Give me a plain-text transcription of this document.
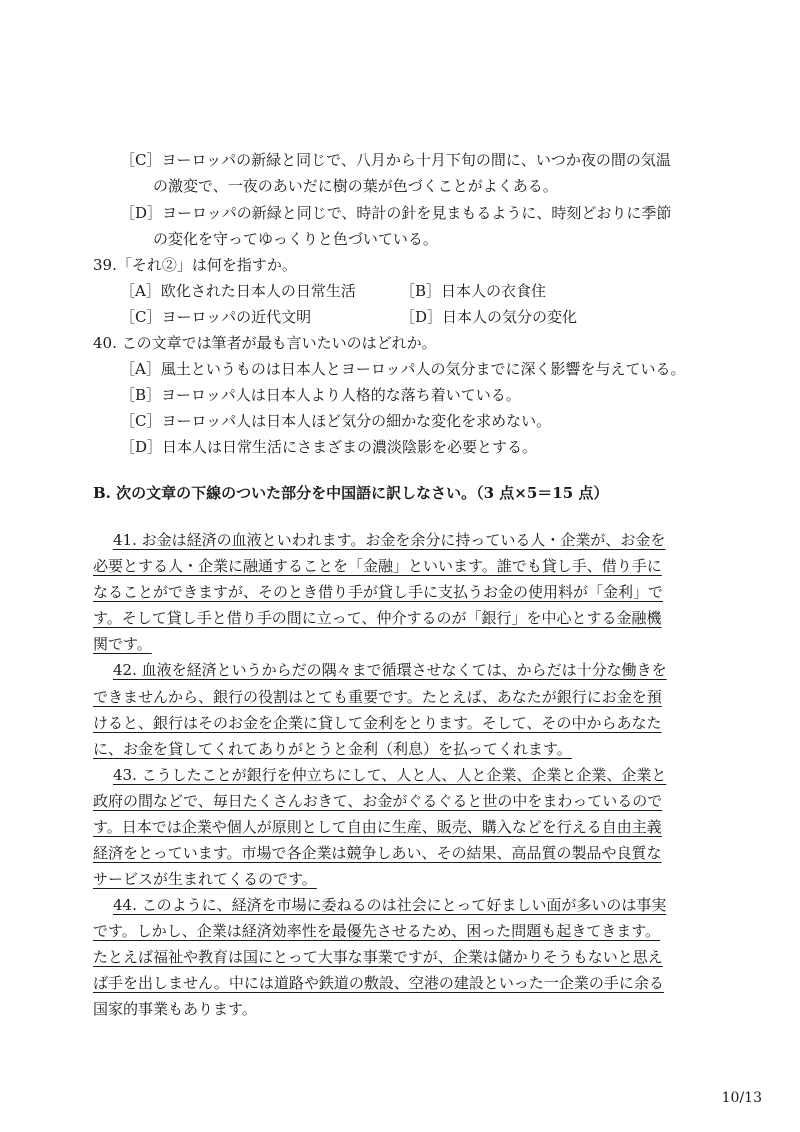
［C］ヨーロッパの新緑と同じで、八月から十月下旬の間に、いつか夜の間の気温
の激変で、一夜のあいだに樹の葉が色づくことがよくある。
［D］ヨーロッパの新緑と同じで、時計の針を見まもるように、時刻どおりに季節
の変化を守ってゆっくりと色づいている。
39.「それ②」は何を指すか。
［A］欧化された日本人の日常生活	［B］日本人の衣食住
［C］ヨーロッパの近代文明	［D］日本人の気分の変化
40. この文章では筆者が最も言いたいのはどれか。
［A］風土というものは日本人とヨーロッパ人の気分までに深く影響を与えている。
［B］ヨーロッパ人は日本人より人格的な落ち着いている。
［C］ヨーロッパ人は日本人ほど気分の細かな変化を求めない。
［D］日本人は日常生活にさまざまの濃淡陰影を必要とする。
B. 次の文章の下線のついた部分を中国語に訳しなさい。（3 点×5＝15 点）
41. お金は経済の血液といわれます。お金を余分に持っている人・企業が、お金を
必要とする人・企業に融通することを「金融」といいます。誰でも貸し手、借り手に
なることができますが、そのとき借り手が貸し手に支払うお金の使用料が「金利」で
す。そして貸し手と借り手の間に立って、仲介するのが「銀行」を中心とする金融機
関です。
42. 血液を経済というからだの隅々まで循環させなくては、からだは十分な働きを
できませんから、銀行の役割はとても重要です。たとえば、あなたが銀行にお金を預
けると、銀行はそのお金を企業に貸して金利をとります。そして、その中からあなた
に、お金を貸してくれてありがとうと金利（利息）を払ってくれます。
43. こうしたことが銀行を仲立ちにして、人と人、人と企業、企業と企業、企業と
政府の間などで、毎日たくさんおきて、お金がぐるぐると世の中をまわっているので
す。日本では企業や個人が原則として自由に生産、販売、購入などを行える自由主義
経済をとっています。市場で各企業は競争しあい、その結果、高品質の製品や良質な
サービスが生まれてくるのです。
44. このように、経済を市場に委ねるのは社会にとって好ましい面が多いのは事実
です。しかし、企業は経済効率性を最優先させるため、困った問題も起きてきます。
たとえば福祉や教育は国にとって大事な事業ですが、企業は儲かりそうもないと思え
ば手を出しません。中には道路や鉄道の敷設、空港の建設といった一企業の手に余る
国家的事業もあります。
10/13
